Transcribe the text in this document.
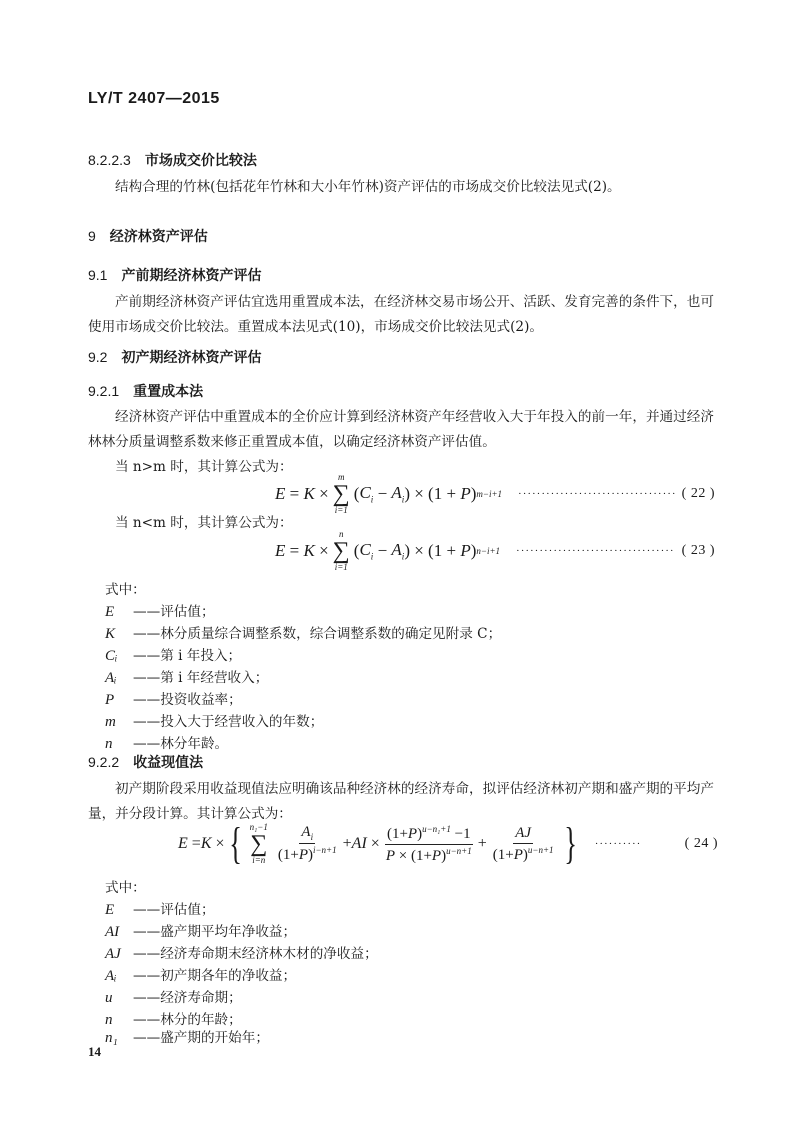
LY/T 2407—2015
8.2.2.3 市场成交价比较法
结构合理的竹林(包括花年竹林和大小年竹林)资产评估的市场成交价比较法见式(2)。
9 经济林资产评估
9.1 产前期经济林资产评估
产前期经济林资产评估宜选用重置成本法，在经济林交易市场公开、活跃、发育完善的条件下，也可使用市场成交价比较法。重置成本法见式(10)，市场成交价比较法见式(2)。
9.2 初产期经济林资产评估
9.2.1 重置成本法
经济林资产评估中重置成本的全价应计算到经济林资产年经营收入大于年投入的前一年，并通过经济林林分质量调整系数来修正重置成本值，以确定经济林资产评估值。
当 n>m 时，其计算公式为：
E = K ×
m
∑
i=1
( $C_i - A_i$ ) × (1 + P ) m−i+1 ·································· ( 22 )
当 n<m 时，其计算公式为：
E = K ×
n
∑
i=1
( $C_i - A_i$ ) × (1 + P ) n−i+1 ·································· ( 23 )
式中：
E ——评估值；
K ——林分质量综合调整系数，综合调整系数的确定见附录 C；
Cᵢ ——第 i 年投入；
Aᵢ ——第 i 年经营收入；
P ——投资收益率；
m ——投入大于经营收入的年数；
n ——林分年龄。
9.2.2 收益现值法
初产期阶段采用收益现值法应明确该品种经济林的经济寿命，拟评估经济林初产期和盛产期的平均产量，并分段计算。其计算公式为：
E = K × { n₁−1
∑
$i=n \frac{A_i}{(1+P)^{i-n+1}}$ + AI × $\frac{(1+P)^{u-n_1+1} -1}{P \times (1+P)^{u-n+1}} + \frac{AJ}{(1+P)^{u-n+1}}$ } ··········	( 24 )
式中：
E ——评估值；
AI ——盛产期平均年净收益；
AJ ——经济寿命期末经济林木材的净收益；
Aᵢ ——初产期各年的净收益；
u ——经济寿命期；
n ——林分的年龄；
n₁ ——盛产期的开始年；
14
